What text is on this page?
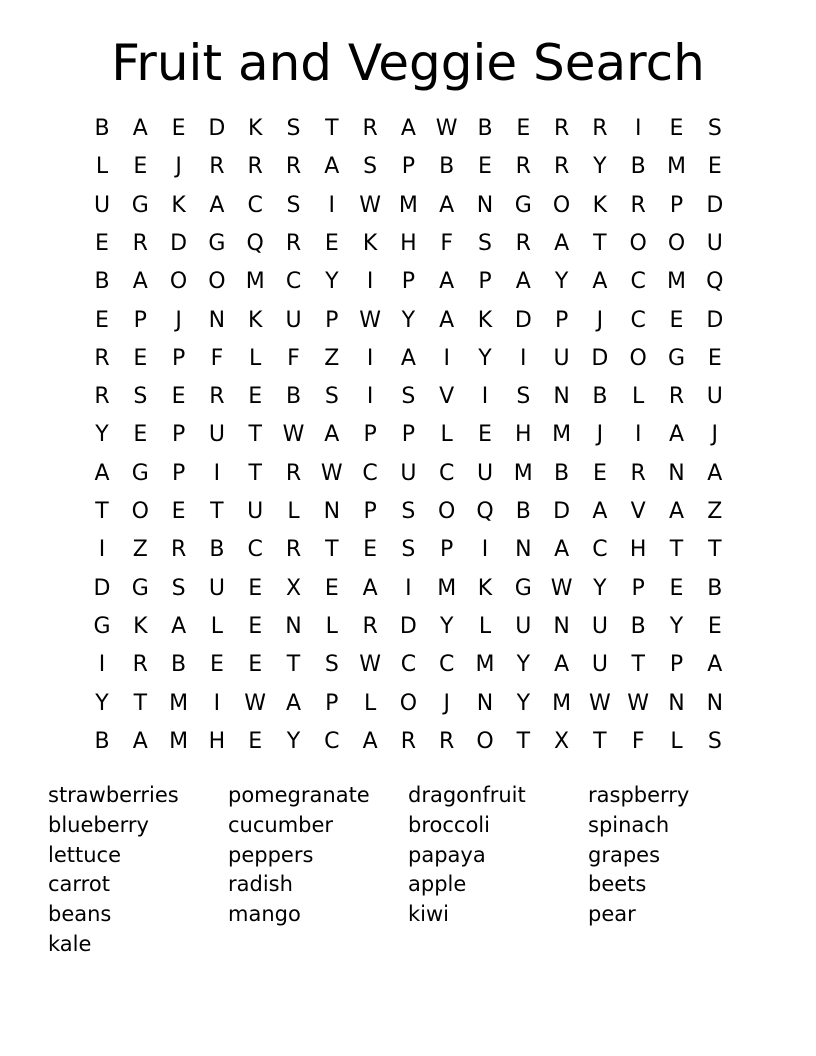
Fruit and Veggie Search
B	A	E	D	K	S	T	R	A W B	E	R	R	I	E	S
L	E	J	R	R	R	A	S	P	B	E	R	R	Y	B M E
U G	K	A	C	S	I	W M A	N G O	K	R	P	D
E	R	D G Q	R	E	K	H	F	S	R	A	T	O O U
B	A	O O M C	Y	I	P	A	P	A	Y	A	C M Q
E	P	J	N	K	U	P W Y	A	K	D	P	J	C	E	D
R	E	P	F	L	F	Z	I	A	I	Y	I	U D O G	E
R	S	E	R	E	B	S	I	S	V	I	S	N	B	L	R	U
Y	E	P	U	T W A	P	P	L	E	H M	J	I	A	J
A	G	P	I	T	R W C	U	C	U M B	E	R	N	A
T	O	E	T	U	L	N	P	S	O Q	B	D	A	V	A	Z
I	Z	R	B	C	R	T	E	S	P	I	N	A	C	H	T	T
D G	S	U	E	X	E	A	I	M K	G W Y	P	E	B
G	K	A	L	E	N	L	R	D	Y	L	U	N	U	B	Y	E
I	R	B	E	E	T	S W C	C M	Y	A	U	T	P	A
Y	T	M	I	W A	P	L	O	J	N	Y	M W W N N
B	A M H	E	Y	C	A	R	R	O	T	X	T	F	L	S
strawberries
blueberry
lettuce
carrot
beans
kale
pomegranate
cucumber
peppers
radish
mango
dragonfruit
broccoli
papaya
apple
kiwi
raspberry
spinach
grapes
beets
pear
